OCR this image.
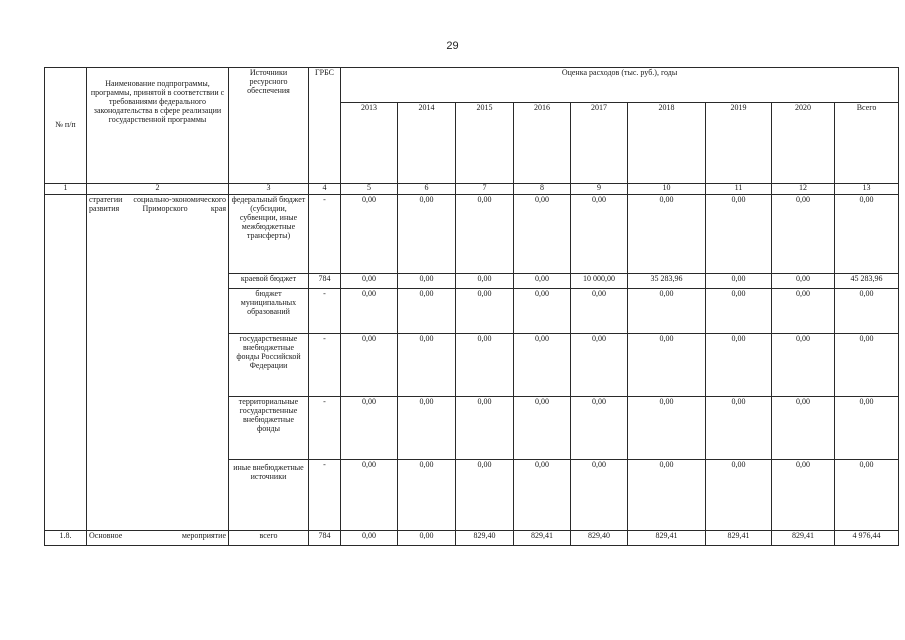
29
№ п/п	Наименование подпрограммы, программы, принятой в соответствии с требованиями федерального законодательства в сфере реализации государственной программы	Источники ресурсного обеспечения	ГРБС	Оценка расходов (тыс. руб.), годы								
				2013	2014	2015	2016	2017	2018	2019	2020	Всего
1	2	3	4	5	6	7	8	9	10	11	12	13
	стратегии социально-экономического развития Приморского края	федеральный бюджет (субсидии, субвенции, иные межбюджетные трансферты)	-	0,00	0,00	0,00	0,00	0,00	0,00	0,00	0,00	0,00
		краевой бюджет	784	0,00	0,00	0,00	0,00	10 000,00	35 283,96	0,00	0,00	45 283,96
		бюджет муниципальных образований	-	0,00	0,00	0,00	0,00	0,00	0,00	0,00	0,00	0,00
		государственные внебюджетные фонды Российской Федерации	-	0,00	0,00	0,00	0,00	0,00	0,00	0,00	0,00	0,00
		территориальные государственные внебюджетные фонды	-	0,00	0,00	0,00	0,00	0,00	0,00	0,00	0,00	0,00
		иные внебюджетные источники	-	0,00	0,00	0,00	0,00	0,00	0,00	0,00	0,00	0,00
1.8.	Основное мероприятие	всего	784	0,00	0,00	829,40	829,41	829,40	829,41	829,41	829,41	4 976,44
